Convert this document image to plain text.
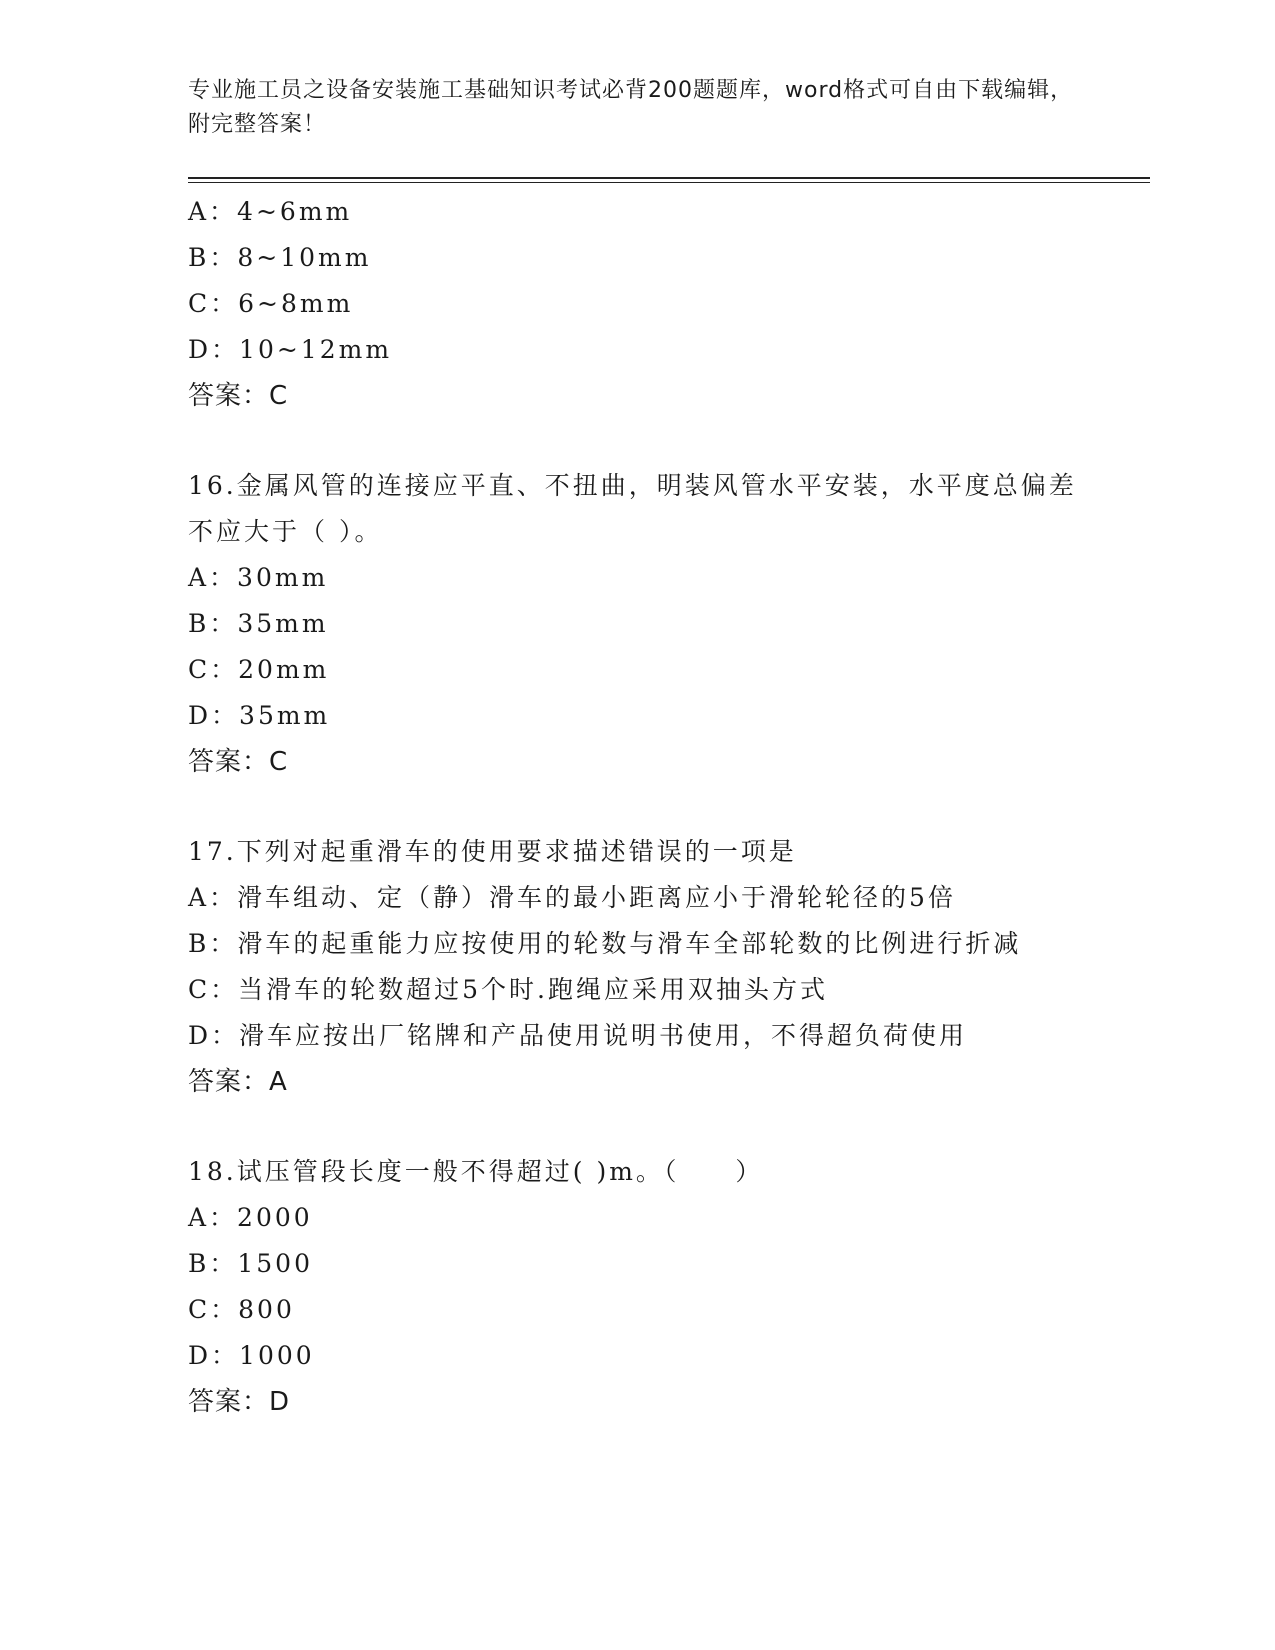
专业施工员之设备安装施工基础知识考试必背200题题库，word格式可自由下载编辑，附完整答案！
A：4~6mm
B：8~10mm
C：6~8mm
D：10~12mm
答案：C
16.金属风管的连接应平直、不扭曲，明装风管水平安装，水平度总偏差不应大于（ ）。
A：30mm
B：35mm
C：20mm
D：35mm
答案：C
17.下列对起重滑车的使用要求描述错误的一项是
A：滑车组动、定（静）滑车的最小距离应小于滑轮轮径的5倍
B：滑车的起重能力应按使用的轮数与滑车全部轮数的比例进行折减
C：当滑车的轮数超过5个时.跑绳应采用双抽头方式
D：滑车应按出厂铭牌和产品使用说明书使用，不得超负荷使用
答案：A
18.试压管段长度一般不得超过( )m。（　　）
A：2000
B：1500
C：800
D：1000
答案：D
